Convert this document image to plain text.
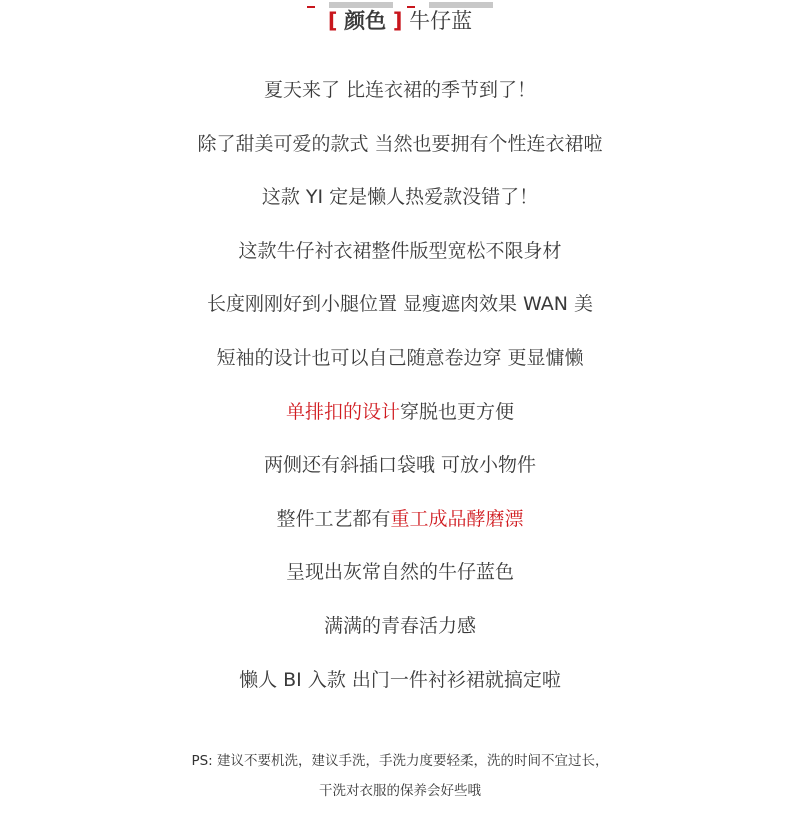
[ 颜色 ] 牛仔蓝
夏天来了 比连衣裙的季节到了！
除了甜美可爱的款式 当然也要拥有个性连衣裙啦
这款 YI 定是懒人热爱款没错了！
这款牛仔衬衣裙整件版型宽松不限身材
长度刚刚好到小腿位置 显瘦遮肉效果 WAN 美
短袖的设计也可以自己随意卷边穿 更显慵懒
单排扣的设计穿脱也更方便
两侧还有斜插口袋哦 可放小物件
整件工艺都有重工成品酵磨漂
呈现出灰常自然的牛仔蓝色
满满的青春活力感
懒人 BI 入款 出门一件衬衫裙就搞定啦

PS: 建议不要机洗，建议手洗，手洗力度要轻柔，洗的时间不宜过长，

干洗对衣服的保养会好些哦
